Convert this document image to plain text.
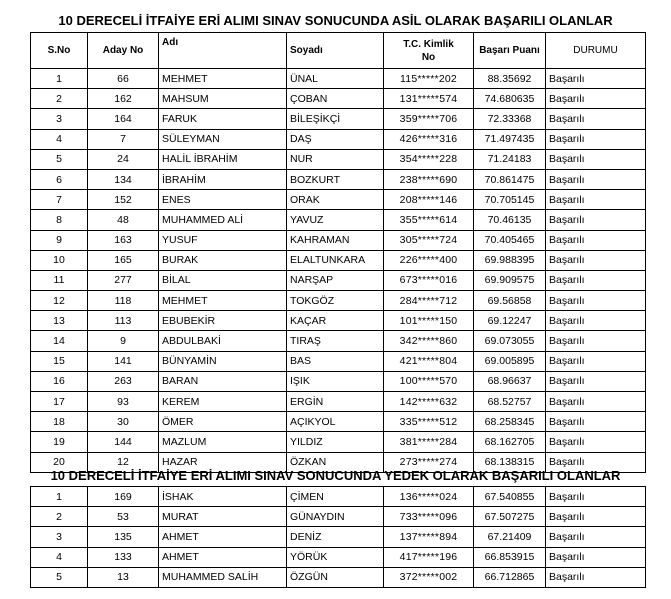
10 DERECELİ İTFAİYE ERİ ALIMI SINAV SONUCUNDA ASİL OLARAK BAŞARILI OLANLAR
S.No	Aday No	Adı	Soyadı	T.C. Kimlik No	Başarı Puanı	DURUMU
1	66	MEHMET	ÜNAL	115*****202	88.35692	Başarılı
2	162	MAHSUM	ÇOBAN	131*****574	74.680635	Başarılı
3	164	FARUK	BİLEŞİKÇİ	359*****706	72.33368	Başarılı
4	7	SÜLEYMAN	DAŞ	426*****316	71.497435	Başarılı
5	24	HALİL İBRAHİM	NUR	354*****228	71.24183	Başarılı
6	134	İBRAHİM	BOZKURT	238*****690	70.861475	Başarılı
7	152	ENES	ORAK	208*****146	70.705145	Başarılı
8	48	MUHAMMED ALİ	YAVUZ	355*****614	70.46135	Başarılı
9	163	YUSUF	KAHRAMAN	305*****724	70.405465	Başarılı
10	165	BURAK	ELALTUNKARA	226*****400	69.988395	Başarılı
11	277	BİLAL	NARŞAP	673*****016	69.909575	Başarılı
12	118	MEHMET	TOKGÖZ	284*****712	69.56858	Başarılı
13	113	EBUBEKİR	KAÇAR	101*****150	69.12247	Başarılı
14	9	ABDULBAKİ	TIRAŞ	342*****860	69.073055	Başarılı
15	141	BÜNYAMİN	BAS	421*****804	69.005895	Başarılı
16	263	BARAN	IŞIK	100*****570	68.96637	Başarılı
17	93	KEREM	ERGİN	142*****632	68.52757	Başarılı
18	30	ÖMER	AÇIKYOL	335*****512	68.258345	Başarılı
19	144	MAZLUM	YILDIZ	381*****284	68.162705	Başarılı
20	12	HAZAR	ÖZKAN	273*****274	68.138315	Başarılı
10 DERECELİ İTFAİYE ERİ ALIMI SINAV SONUCUNDA YEDEK OLARAK BAŞARILI OLANLAR
1	169	İSHAK	ÇİMEN	136*****024	67.540855	Başarılı
2	53	MURAT	GÜNAYDIN	733*****096	67.507275	Başarılı
3	135	AHMET	DENİZ	137*****894	67.21409	Başarılı
4	133	AHMET	YÖRÜK	417*****196	66.853915	Başarılı
5	13	MUHAMMED SALİH	ÖZGÜN	372*****002	66.712865	Başarılı
